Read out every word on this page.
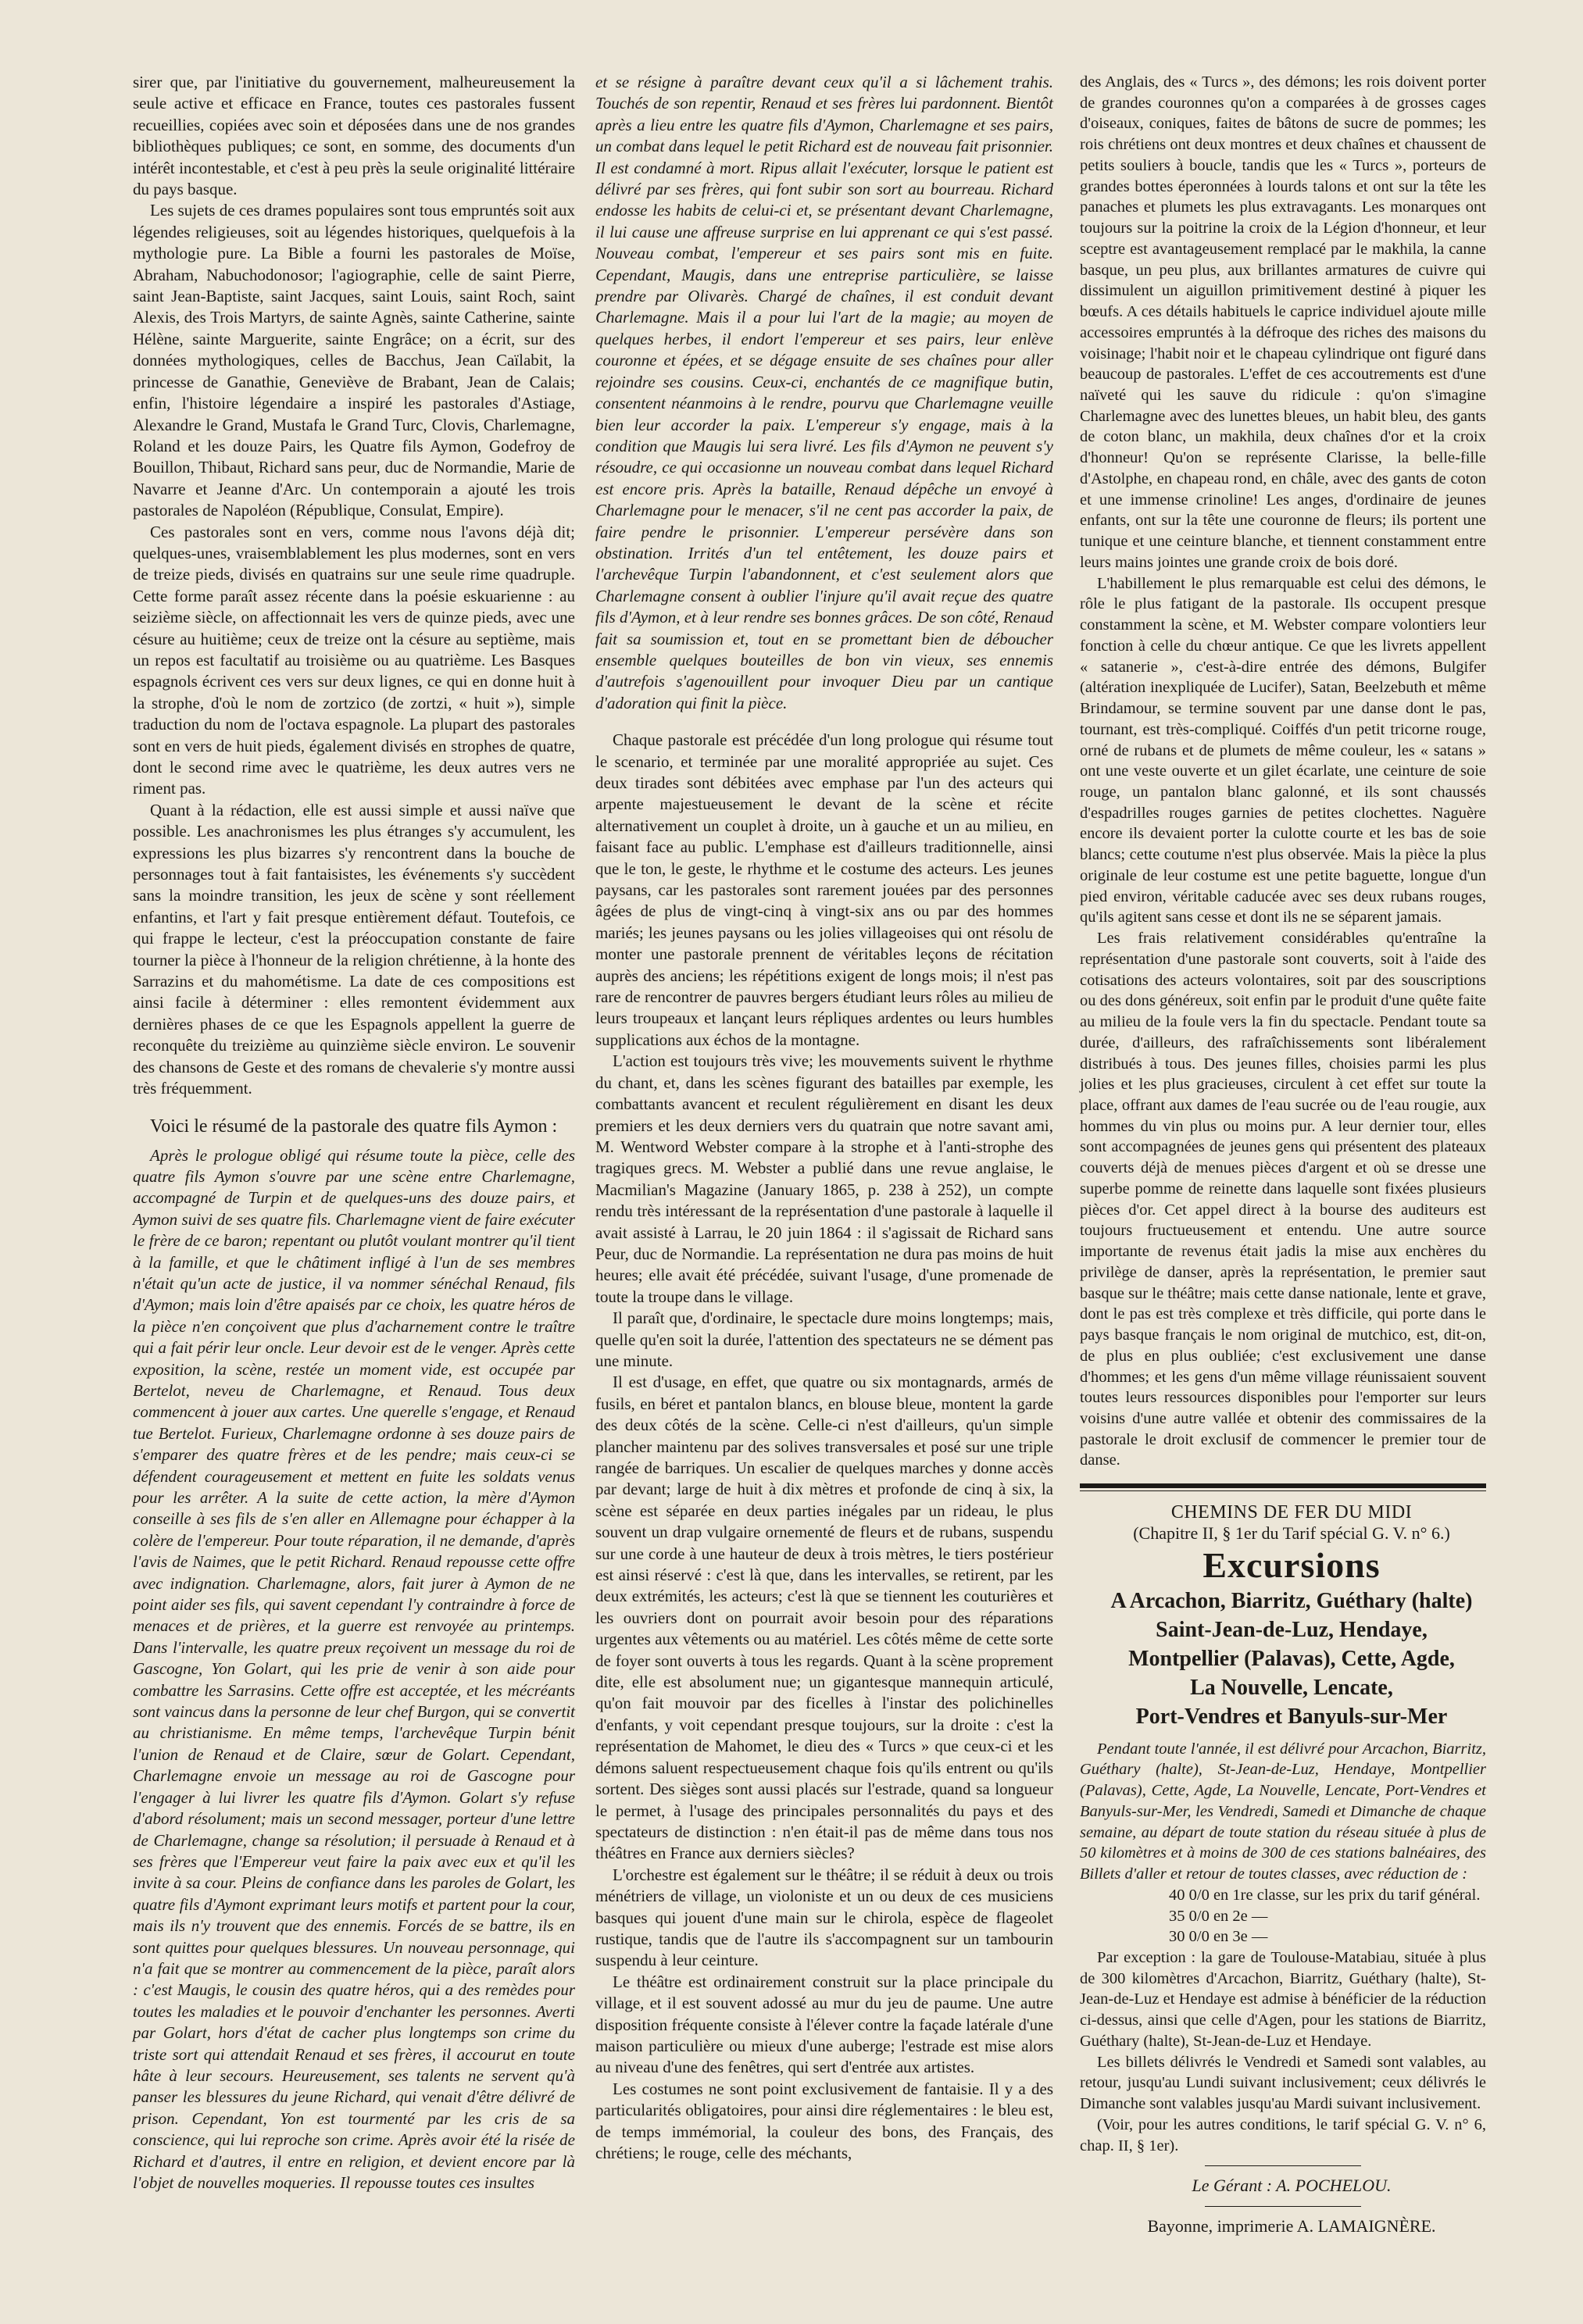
sirer que, par l'initiative du gouvernement, malheureusement la seule active et efficace en France, toutes ces pastorales fussent recueillies, copiées avec soin et déposées dans une de nos grandes bibliothèques publiques; ce sont, en somme, des documents d'un intérêt incontestable, et c'est à peu près la seule originalité littéraire du pays basque.

Les sujets de ces drames populaires sont tous empruntés soit aux légendes religieuses, soit au légendes historiques, quelquefois à la mythologie pure. La Bible a fourni les pastorales de Moïse, Abraham, Nabuchodonosor; l'agiographie, celle de saint Pierre, saint Jean-Baptiste, saint Jacques, saint Louis, saint Roch, saint Alexis, des Trois Martyrs, de sainte Agnès, sainte Catherine, sainte Hélène, sainte Marguerite, sainte Engrâce; on a écrit, sur des données mythologiques, celles de Bacchus, Jean Caïlabit, la princesse de Ganathie, Geneviève de Brabant, Jean de Calais; enfin, l'histoire légendaire a inspiré les pastorales d'Astiage, Alexandre le Grand, Mustafa le Grand Turc, Clovis, Charlemagne, Roland et les douze Pairs, les Quatre fils Aymon, Godefroy de Bouillon, Thibaut, Richard sans peur, duc de Normandie, Marie de Navarre et Jeanne d'Arc. Un contemporain a ajouté les trois pastorales de Napoléon (République, Consulat, Empire).

Ces pastorales sont en vers, comme nous l'avons déjà dit; quelques-unes, vraisemblablement les plus modernes, sont en vers de treize pieds, divisés en quatrains sur une seule rime quadruple. Cette forme paraît assez récente dans la poésie eskuarienne : au seizième siècle, on affectionnait les vers de quinze pieds, avec une césure au huitième; ceux de treize ont la césure au septième, mais un repos est facultatif au troisième ou au quatrième. Les Basques espagnols écrivent ces vers sur deux lignes, ce qui en donne huit à la strophe, d'où le nom de zortzico (de zortzi, « huit »), simple traduction du nom de l'octava espagnole. La plupart des pastorales sont en vers de huit pieds, également divisés en strophes de quatre, dont le second rime avec le quatrième, les deux autres vers ne riment pas.

Quant à la rédaction, elle est aussi simple et aussi naïve que possible. Les anachronismes les plus étranges s'y accumulent, les expressions les plus bizarres s'y rencontrent dans la bouche de personnages tout à fait fantaisistes, les événements s'y succèdent sans la moindre transition, les jeux de scène y sont réellement enfantins, et l'art y fait presque entièrement défaut. Toutefois, ce qui frappe le lecteur, c'est la préoccupation constante de faire tourner la pièce à l'honneur de la religion chrétienne, à la honte des Sarrazins et du mahométisme. La date de ces compositions est ainsi facile à déterminer : elles remontent évidemment aux dernières phases de ce que les Espagnols appellent la guerre de reconquête du treizième au quinzième siècle environ. Le souvenir des chansons de Geste et des romans de chevalerie s'y montre aussi très fréquemment.

Voici le résumé de la pastorale des quatre fils Aymon :

Après le prologue obligé qui résume toute la pièce, celle des quatre fils Aymon s'ouvre par une scène entre Charlemagne, accompagné de Turpin et de quelques-uns des douze pairs, et Aymon suivi de ses quatre fils. Charlemagne vient de faire exécuter le frère de ce baron; repentant ou plutôt voulant montrer qu'il tient à la famille, et que le châtiment infligé à l'un de ses membres n'était qu'un acte de justice, il va nommer sénéchal Renaud, fils d'Aymon; mais loin d'être apaisés par ce choix, les quatre héros de la pièce n'en conçoivent que plus d'acharnement contre le traître qui a fait périr leur oncle. Leur devoir est de le venger. Après cette exposition, la scène, restée un moment vide, est occupée par Bertelot, neveu de Charlemagne, et Renaud. Tous deux commencent à jouer aux cartes. Une querelle s'engage, et Renaud tue Bertelot. Furieux, Charlemagne ordonne à ses douze pairs de s'emparer des quatre frères et de les pendre; mais ceux-ci se défendent courageusement et mettent en fuite les soldats venus pour les arrêter. A la suite de cette action, la mère d'Aymon conseille à ses fils de s'en aller en Allemagne pour échapper à la colère de l'empereur. Pour toute réparation, il ne demande, d'après l'avis de Naimes, que le petit Richard. Renaud repousse cette offre avec indignation. Charlemagne, alors, fait jurer à Aymon de ne point aider ses fils, qui savent cependant l'y contraindre à force de menaces et de prières, et la guerre est renvoyée au printemps. Dans l'intervalle, les quatre preux reçoivent un message du roi de Gascogne, Yon Golart, qui les prie de venir à son aide pour combattre les Sarrasins. Cette offre est acceptée, et les mécréants sont vaincus dans la personne de leur chef Burgon, qui se convertit au christianisme. En même temps, l'archevêque Turpin bénit l'union de Renaud et de Claire, sœur de Golart. Cependant, Charlemagne envoie un message au roi de Gascogne pour l'engager à lui livrer les quatre fils d'Aymon. Golart s'y refuse d'abord résolument; mais un second messager, porteur d'une lettre de Charlemagne, change sa résolution; il persuade à Renaud et à ses frères que l'Empereur veut faire la paix avec eux et qu'il les invite à sa cour. Pleins de confiance dans les paroles de Golart, les quatre fils d'Aymont exprimant leurs motifs et partent pour la cour, mais ils n'y trouvent que des ennemis. Forcés de se battre, ils en sont quittes pour quelques blessures. Un nouveau personnage, qui n'a fait que se montrer au commencement de la pièce, paraît alors : c'est Maugis, le cousin des quatre héros, qui a des remèdes pour toutes les maladies et le pouvoir d'enchanter les personnes. Averti par Golart, hors d'état de cacher plus longtemps son crime du triste sort qui attendait Renaud et ses frères, il accourut en toute hâte à leur secours. Heureusement, ses talents ne servent qu'à panser les blessures du jeune Richard, qui venait d'être délivré de prison. Cependant, Yon est tourmenté par les cris de sa conscience, qui lui reproche son crime. Après avoir été la risée de Richard et d'autres, il entre en religion, et devient encore par là l'objet de nouvelles moqueries. Il repousse toutes ces insultes

et se résigne à paraître devant ceux qu'il a si lâchement trahis. Touchés de son repentir, Renaud et ses frères lui pardonnent. Bientôt après a lieu entre les quatre fils d'Aymon, Charlemagne et ses pairs, un combat dans lequel le petit Richard est de nouveau fait prisonnier. Il est condamné à mort. Ripus allait l'exécuter, lorsque le patient est délivré par ses frères, qui font subir son sort au bourreau. Richard endosse les habits de celui-ci et, se présentant devant Charlemagne, il lui cause une affreuse surprise en lui apprenant ce qui s'est passé. Nouveau combat, l'empereur et ses pairs sont mis en fuite. Cependant, Maugis, dans une entreprise particulière, se laisse prendre par Olivarès. Chargé de chaînes, il est conduit devant Charlemagne. Mais il a pour lui l'art de la magie; au moyen de quelques herbes, il endort l'empereur et ses pairs, leur enlève couronne et épées, et se dégage ensuite de ses chaînes pour aller rejoindre ses cousins. Ceux-ci, enchantés de ce magnifique butin, consentent néanmoins à le rendre, pourvu que Charlemagne veuille bien leur accorder la paix. L'empereur s'y engage, mais à la condition que Maugis lui sera livré. Les fils d'Aymon ne peuvent s'y résoudre, ce qui occasionne un nouveau combat dans lequel Richard est encore pris. Après la bataille, Renaud dépêche un envoyé à Charlemagne pour le menacer, s'il ne cent pas accorder la paix, de faire pendre le prisonnier. L'empereur persévère dans son obstination. Irrités d'un tel entêtement, les douze pairs et l'archevêque Turpin l'abandonnent, et c'est seulement alors que Charlemagne consent à oublier l'injure qu'il avait reçue des quatre fils d'Aymon, et à leur rendre ses bonnes grâces. De son côté, Renaud fait sa soumission et, tout en se promettant bien de déboucher ensemble quelques bouteilles de bon vin vieux, ses ennemis d'autrefois s'agenouillent pour invoquer Dieu par un cantique d'adoration qui finit la pièce.

Chaque pastorale est précédée d'un long prologue qui résume tout le scenario, et terminée par une moralité appropriée au sujet. Ces deux tirades sont débitées avec emphase par l'un des acteurs qui arpente majestueusement le devant de la scène et récite alternativement un couplet à droite, un à gauche et un au milieu, en faisant face au public. L'emphase est d'ailleurs traditionnelle, ainsi que le ton, le geste, le rhythme et le costume des acteurs. Les jeunes paysans, car les pastorales sont rarement jouées par des personnes âgées de plus de vingt-cinq à vingt-six ans ou par des hommes mariés; les jeunes paysans ou les jolies villageoises qui ont résolu de monter une pastorale prennent de véritables leçons de récitation auprès des anciens; les répétitions exigent de longs mois; il n'est pas rare de rencontrer de pauvres bergers étudiant leurs rôles au milieu de leurs troupeaux et lançant leurs répliques ardentes ou leurs humbles supplications aux échos de la montagne.

L'action est toujours très vive; les mouvements suivent le rhythme du chant, et, dans les scènes figurant des batailles par exemple, les combattants avancent et reculent régulièrement en disant les deux premiers et les deux derniers vers du quatrain que notre savant ami, M. Wentword Webster compare à la strophe et à l'anti-strophe des tragiques grecs. M. Webster a publié dans une revue anglaise, le Macmilian's Magazine (January 1865, p. 238 à 252), un compte rendu très intéressant de la représentation d'une pastorale à laquelle il avait assisté à Larrau, le 20 juin 1864 : il s'agissait de Richard sans Peur, duc de Normandie. La représentation ne dura pas moins de huit heures; elle avait été précédée, suivant l'usage, d'une promenade de toute la troupe dans le village.

Il paraît que, d'ordinaire, le spectacle dure moins longtemps; mais, quelle qu'en soit la durée, l'attention des spectateurs ne se dément pas une minute.

Il est d'usage, en effet, que quatre ou six montagnards, armés de fusils, en béret et pantalon blancs, en blouse bleue, montent la garde des deux côtés de la scène. Celle-ci n'est d'ailleurs, qu'un simple plancher maintenu par des solives transversales et posé sur une triple rangée de barriques. Un escalier de quelques marches y donne accès par devant; large de huit à dix mètres et profonde de cinq à six, la scène est séparée en deux parties inégales par un rideau, le plus souvent un drap vulgaire ornementé de fleurs et de rubans, suspendu sur une corde à une hauteur de deux à trois mètres, le tiers postérieur est ainsi réservé : c'est là que, dans les intervalles, se retirent, par les deux extrémités, les acteurs; c'est là que se tiennent les couturières et les ouvriers dont on pourrait avoir besoin pour des réparations urgentes aux vêtements ou au matériel. Les côtés même de cette sorte de foyer sont ouverts à tous les regards. Quant à la scène proprement dite, elle est absolument nue; un gigantesque mannequin articulé, qu'on fait mouvoir par des ficelles à l'instar des polichinelles d'enfants, y voit cependant presque toujours, sur la droite : c'est la représentation de Mahomet, le dieu des « Turcs » que ceux-ci et les démons saluent respectueusement chaque fois qu'ils entrent ou qu'ils sortent. Des sièges sont aussi placés sur l'estrade, quand sa longueur le permet, à l'usage des principales personnalités du pays et des spectateurs de distinction : n'en était-il pas de même dans tous nos théâtres en France aux derniers siècles?

L'orchestre est également sur le théâtre; il se réduit à deux ou trois ménétriers de village, un violoniste et un ou deux de ces musiciens basques qui jouent d'une main sur le chirola, espèce de flageolet rustique, tandis que de l'autre ils s'accompagnent sur un tambourin suspendu à leur ceinture.

Le théâtre est ordinairement construit sur la place principale du village, et il est souvent adossé au mur du jeu de paume. Une autre disposition fréquente consiste à l'élever contre la façade latérale d'une maison particulière ou mieux d'une auberge; l'estrade est mise alors au niveau d'une des fenêtres, qui sert d'entrée aux artistes.

Les costumes ne sont point exclusivement de fantaisie. Il y a des particularités obligatoires, pour ainsi dire réglementaires : le bleu est, de temps immémorial, la couleur des bons, des Français, des chrétiens; le rouge, celle des méchants,

des Anglais, des « Turcs », des démons; les rois doivent porter de grandes couronnes qu'on a comparées à de grosses cages d'oiseaux, coniques, faites de bâtons de sucre de pommes; les rois chrétiens ont deux montres et deux chaînes et chaussent de petits souliers à boucle, tandis que les « Turcs », porteurs de grandes bottes éperonnées à lourds talons et ont sur la tête les panaches et plumets les plus extravagants. Les monarques ont toujours sur la poitrine la croix de la Légion d'honneur, et leur sceptre est avantageusement remplacé par le makhila, la canne basque, un peu plus, aux brillantes armatures de cuivre qui dissimulent un aiguillon primitivement destiné à piquer les bœufs. A ces détails habituels le caprice individuel ajoute mille accessoires empruntés à la défroque des riches des maisons du voisinage; l'habit noir et le chapeau cylindrique ont figuré dans beaucoup de pastorales. L'effet de ces accoutrements est d'une naïveté qui les sauve du ridicule : qu'on s'imagine Charlemagne avec des lunettes bleues, un habit bleu, des gants de coton blanc, un makhila, deux chaînes d'or et la croix d'honneur! Qu'on se représente Clarisse, la belle-fille d'Astolphe, en chapeau rond, en châle, avec des gants de coton et une immense crinoline! Les anges, d'ordinaire de jeunes enfants, ont sur la tête une couronne de fleurs; ils portent une tunique et une ceinture blanche, et tiennent constamment entre leurs mains jointes une grande croix de bois doré.

L'habillement le plus remarquable est celui des démons, le rôle le plus fatigant de la pastorale. Ils occupent presque constamment la scène, et M. Webster compare volontiers leur fonction à celle du chœur antique. Ce que les livrets appellent « satanerie », c'est-à-dire entrée des démons, Bulgifer (altération inexpliquée de Lucifer), Satan, Beelzebuth et même Brindamour, se termine souvent par une danse dont le pas, tournant, est très-compliqué. Coiffés d'un petit tricorne rouge, orné de rubans et de plumets de même couleur, les « satans » ont une veste ouverte et un gilet écarlate, une ceinture de soie rouge, un pantalon blanc galonné, et ils sont chaussés d'espadrilles rouges garnies de petites clochettes. Naguère encore ils devaient porter la culotte courte et les bas de soie blancs; cette coutume n'est plus observée. Mais la pièce la plus originale de leur costume est une petite baguette, longue d'un pied environ, véritable caducée avec ses deux rubans rouges, qu'ils agitent sans cesse et dont ils ne se séparent jamais.

Les frais relativement considérables qu'entraîne la représentation d'une pastorale sont couverts, soit à l'aide des cotisations des acteurs volontaires, soit par des souscriptions ou des dons généreux, soit enfin par le produit d'une quête faite au milieu de la foule vers la fin du spectacle. Pendant toute sa durée, d'ailleurs, des rafraîchissements sont libéralement distribués à tous. Des jeunes filles, choisies parmi les plus jolies et les plus gracieuses, circulent à cet effet sur toute la place, offrant aux dames de l'eau sucrée ou de l'eau rougie, aux hommes du vin plus ou moins pur. A leur dernier tour, elles sont accompagnées de jeunes gens qui présentent des plateaux couverts déjà de menues pièces d'argent et où se dresse une superbe pomme de reinette dans laquelle sont fixées plusieurs pièces d'or. Cet appel direct à la bourse des auditeurs est toujours fructueusement et entendu. Une autre source importante de revenus était jadis la mise aux enchères du privilège de danser, après la représentation, le premier saut basque sur le théâtre; mais cette danse nationale, lente et grave, dont le pas est très complexe et très difficile, qui porte dans le pays basque français le nom original de mutchico, est, dit-on, de plus en plus oubliée; c'est exclusivement une danse d'hommes; et les gens d'un même village réunissaient souvent toutes leurs ressources disponibles pour l'emporter sur leurs voisins d'une autre vallée et obtenir des commissaires de la pastorale le droit exclusif de commencer le premier tour de danse.

CHEMINS DE FER DU MIDI

(Chapitre II, § 1er du Tarif spécial G. V. n° 6.)

Excursions

A Arcachon, Biarritz, Guéthary (halte)

Saint-Jean-de-Luz, Hendaye,

Montpellier (Palavas), Cette, Agde,

La Nouvelle, Lencate,

Port-Vendres et Banyuls-sur-Mer

Pendant toute l'année, il est délivré pour Arcachon, Biarritz, Guéthary (halte), St-Jean-de-Luz, Hendaye, Montpellier (Palavas), Cette, Agde, La Nouvelle, Lencate, Port-Vendres et Banyuls-sur-Mer, les Vendredi, Samedi et Dimanche de chaque semaine, au départ de toute station du réseau située à plus de 50 kilomètres et à moins de 300 de ces stations balnéaires, des Billets d'aller et retour de toutes classes, avec réduction de :

40 0/0 en 1re classe, sur les prix du tarif général.

35 0/0 en 2e —

30 0/0 en 3e —

Par exception : la gare de Toulouse-Matabiau, située à plus de 300 kilomètres d'Arcachon, Biarritz, Guéthary (halte), St-Jean-de-Luz et Hendaye est admise à bénéficier de la réduction ci-dessus, ainsi que celle d'Agen, pour les stations de Biarritz, Guéthary (halte), St-Jean-de-Luz et Hendaye.

Les billets délivrés le Vendredi et Samedi sont valables, au retour, jusqu'au Lundi suivant inclusivement; ceux délivrés le Dimanche sont valables jusqu'au Mardi suivant inclusivement.

(Voir, pour les autres conditions, le tarif spécial G. V. n° 6, chap. II, § 1er).

Le Gérant : A. POCHELOU.

Bayonne, imprimerie A. LAMAIGNÈRE.
